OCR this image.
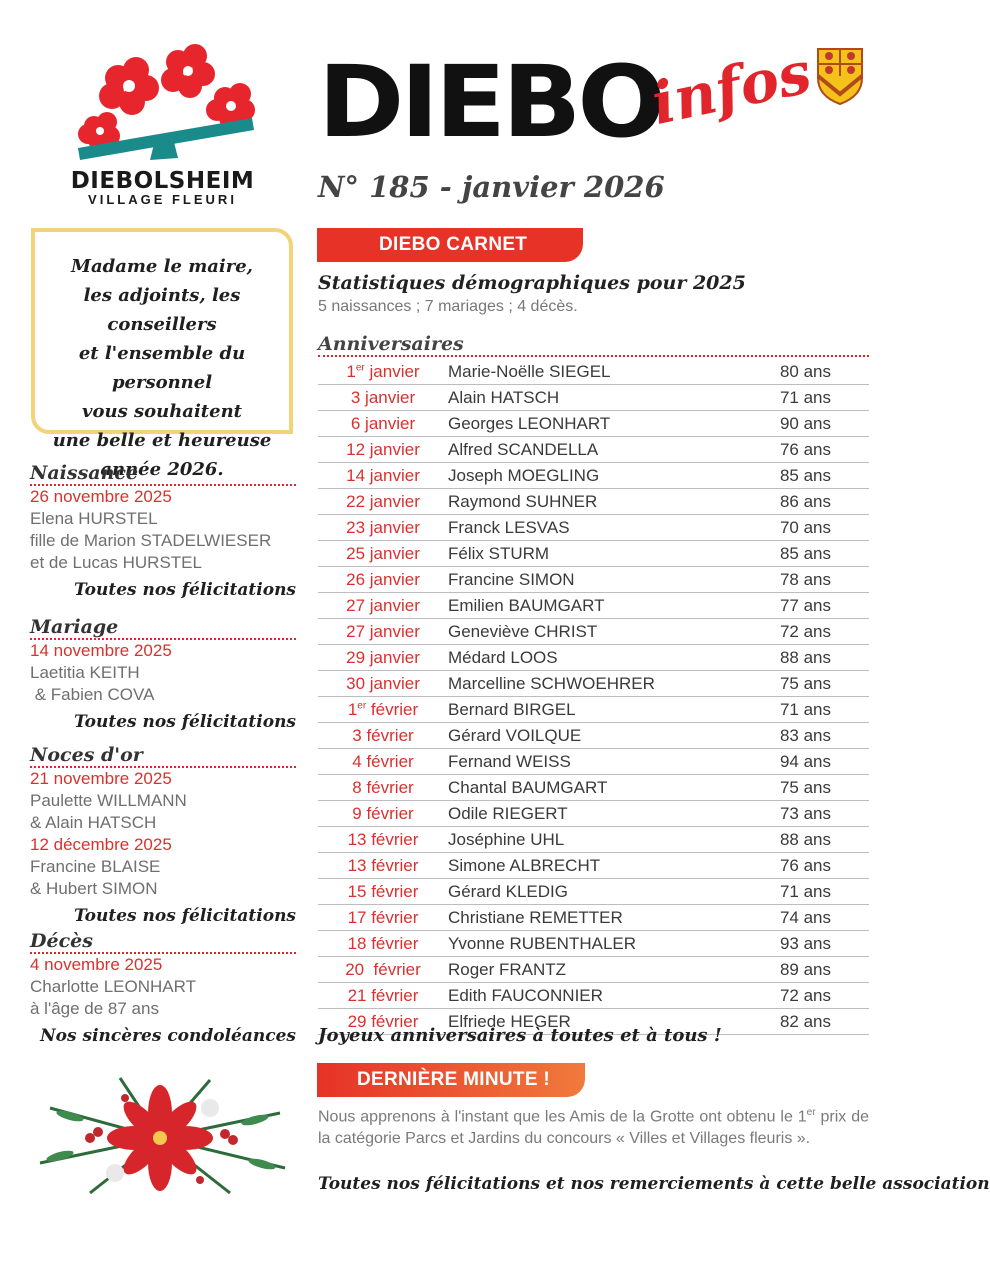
DIEBOLSHEIM
VILLAGE FLEURI
DIEBO
infos
N° 185 - janvier 2026
Madame le maire,
les adjoints, les conseillers
et l'ensemble du personnel
vous souhaitent
une belle et heureuse
année 2026.
Naissance
26 novembre 2025
Elena HURSTEL
fille de Marion STADELWIESER
et de Lucas HURSTEL
Toutes nos félicitations
Mariage
14 novembre 2025
Laetitia KEITH
& Fabien COVA
Toutes nos félicitations
Noces d'or
21 novembre 2025
Paulette WILLMANN
& Alain HATSCH
12 décembre 2025
Francine BLAISE
& Hubert SIMON
Toutes nos félicitations
Décès
4 novembre 2025
Charlotte LEONHART
à l'âge de 87 ans
Nos sincères condoléances
DIEBO CARNET
Statistiques démographiques pour 2025
5 naissances ; 7 mariages ; 4 décès.
Anniversaires
1er janvier	Marie-Noëlle SIEGEL	80 ans
3 janvier	Alain HATSCH	71 ans
6 janvier	Georges LEONHART	90 ans
12 janvier	Alfred SCANDELLA	76 ans
14 janvier	Joseph MOEGLING	85 ans
22 janvier	Raymond SUHNER	86 ans
23 janvier	Franck LESVAS	70 ans
25 janvier	Félix STURM	85 ans
26 janvier	Francine SIMON	78 ans
27 janvier	Emilien BAUMGART	77 ans
27 janvier	Geneviève CHRIST	72 ans
29 janvier	Médard LOOS	88 ans
30 janvier	Marcelline SCHWOEHRER	75 ans
1er février	Bernard BIRGEL	71 ans
3 février	Gérard VOILQUE	83 ans
4 février	Fernand WEISS	94 ans
8 février	Chantal BAUMGART	75 ans
9 février	Odile RIEGERT	73 ans
13 février	Joséphine UHL	88 ans
13 février	Simone ALBRECHT	76 ans
15 février	Gérard KLEDIG	71 ans
17 février	Christiane REMETTER	74 ans
18 février	Yvonne RUBENTHALER	93 ans
20  février	Roger FRANTZ	89 ans
21 février	Edith FAUCONNIER	72 ans
29 février	Elfriede HEGER	82 ans
Joyeux anniversaires à toutes et à tous !
DERNIÈRE MINUTE !
Nous apprenons à l'instant que les Amis de la Grotte ont obtenu le 1er prix de la catégorie Parcs et Jardins du concours « Villes et Villages fleuris ».
Toutes nos félicitations et nos remerciements à cette belle association
